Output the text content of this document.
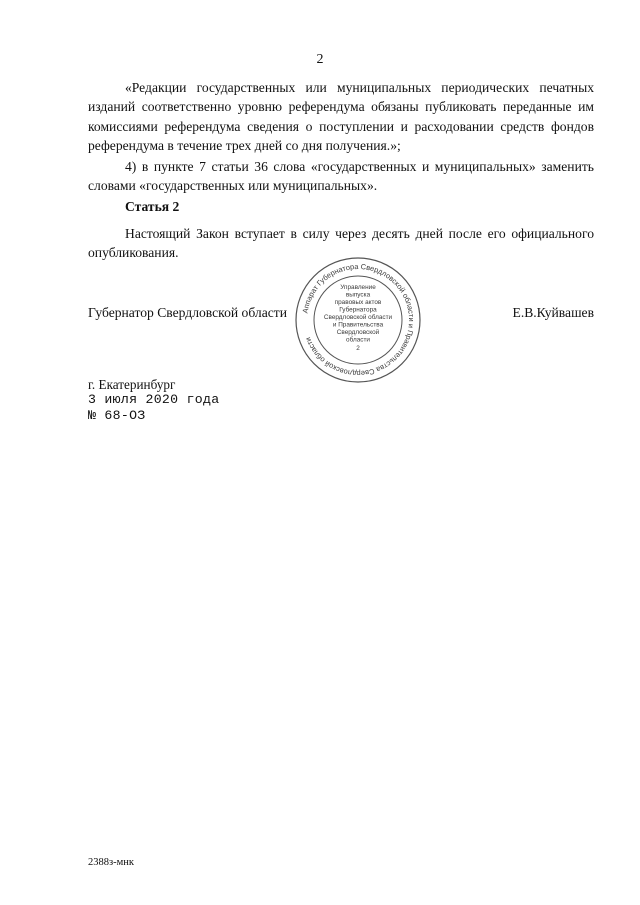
2

«Редакции государственных или муниципальных периодических печатных изданий соответственно уровню референдума обязаны публиковать переданные им комиссиями референдума сведения о поступлении и расходовании средств фондов референдума в течение трех дней со дня получения.»;

4) в пункте 7 статьи 36 слова «государственных и муниципальных» заменить словами «государственных или муниципальных».

Статья 2

Настоящий Закон вступает в силу через десять дней после его официального опубликования.

Губернатор Свердловской области	Е.В.Куйвашев
Аппарат Губернатора Свердловской области и Правительства Свердловской области
Управление
выпуска
правовых актов
Губернатора
Свердловской области
и Правительства
Свердловской
области
2
г. Екатеринбург
3 июля 2020 года
№ 68-ОЗ
2388з-мнк
